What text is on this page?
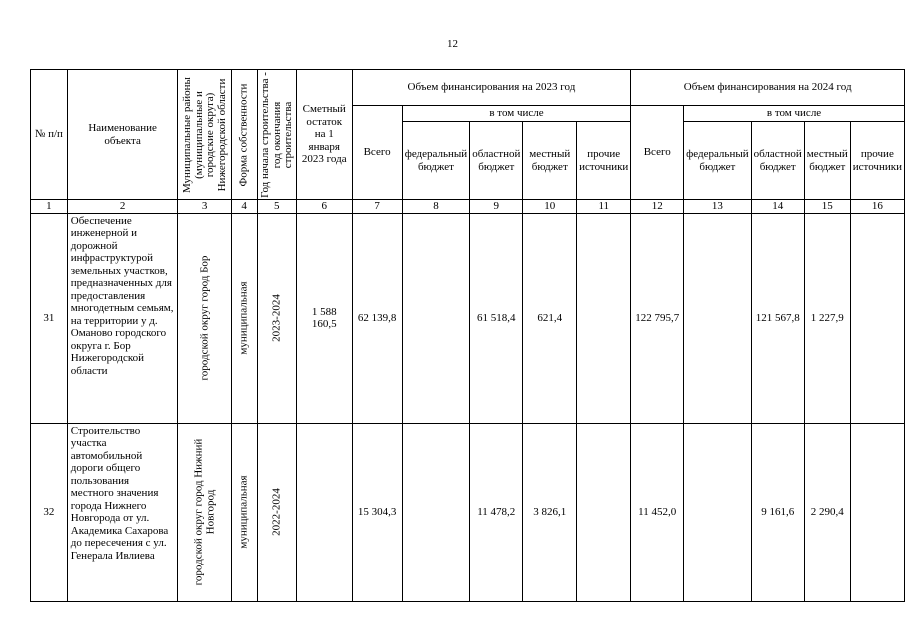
12
№ п/п	Наименование объекта	Муниципальные районы (муниципальные и городские округа) Нижегородской области	Форма собственности	Год начала строительства - год окончания строительства	Сметный остаток на 1 января 2023 года	Объем финансирования на 2023 год					Объем финансирования на 2024 год				
						Всего	в том числе				Всего	в том числе			
							федеральный бюджет	областной бюджет	местный бюджет	прочие источники		федеральный бюджет	областной бюджет	местный бюджет	прочие источники
1	2	3	4	5	6	7	8	9	10	11	12	13	14	15	16
31	Обеспечение инженерной и дорожной инфраструктурой земельных участков, предназначенных для предоставления многодетным семьям, на территории у д. Оманово городского округа г. Бор Нижегородской области	городской округ город Бор	муниципальная	2023-2024	1 588 160,5	62 139,8		61 518,4	621,4		122 795,7		121 567,8	1 227,9	
32	Строительство участка автомобильной дороги общего пользования местного значения города Нижнего Новгорода от ул. Академика Сахарова до пересечения с ул. Генерала Ивлиева	городской округ город Нижний Новгород	муниципальная	2022-2024		15 304,3		11 478,2	3 826,1		11 452,0		9 161,6	2 290,4	
